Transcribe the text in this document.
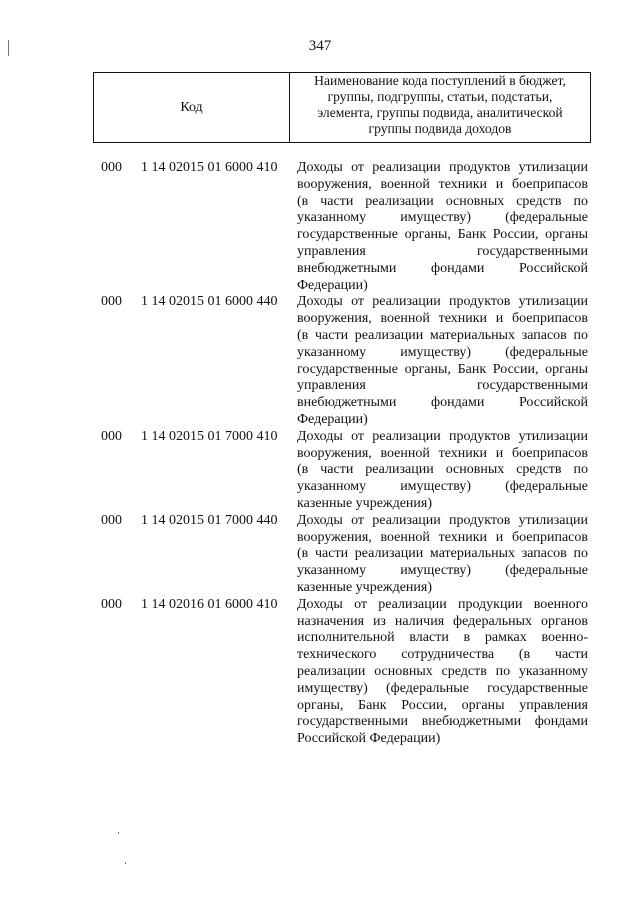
347
Код
Наименование кода поступлений в бюджет,
группы, подгруппы, статьи, подстатьи,
элемента, группы подвида, аналитической
группы подвида доходов
000 1 14 02015 01 6000 410 Доходы от реализации продуктов утилизации
вооружения, военной техники и боеприпасов
(в части реализации основных средств по
указанному имуществу) (федеральные
государственные органы, Банк России, органы
управления государственными
внебюджетными фондами Российской
Федерации)
000 1 14 02015 01 6000 440 Доходы от реализации продуктов утилизации
вооружения, военной техники и боеприпасов
(в части реализации материальных запасов по
указанному имуществу) (федеральные
государственные органы, Банк России, органы
управления государственными
внебюджетными фондами Российской
Федерации)
000 1 14 02015 01 7000 410 Доходы от реализации продуктов утилизации
вооружения, военной техники и боеприпасов
(в части реализации основных средств по
указанному имуществу) (федеральные
казенные учреждения)
000 1 14 02015 01 7000 440 Доходы от реализации продуктов утилизации
вооружения, военной техники и боеприпасов
(в части реализации материальных запасов по
указанному имуществу) (федеральные
казенные учреждения)
000 1 14 02016 01 6000 410 Доходы от реализации продукции военного
назначения из наличия федеральных органов
исполнительной власти в рамках военно-
технического сотрудничества (в части
реализации основных средств по указанному
имуществу) (федеральные государственные
органы, Банк России, органы управления
государственными внебюджетными фондами
Российской Федерации)
